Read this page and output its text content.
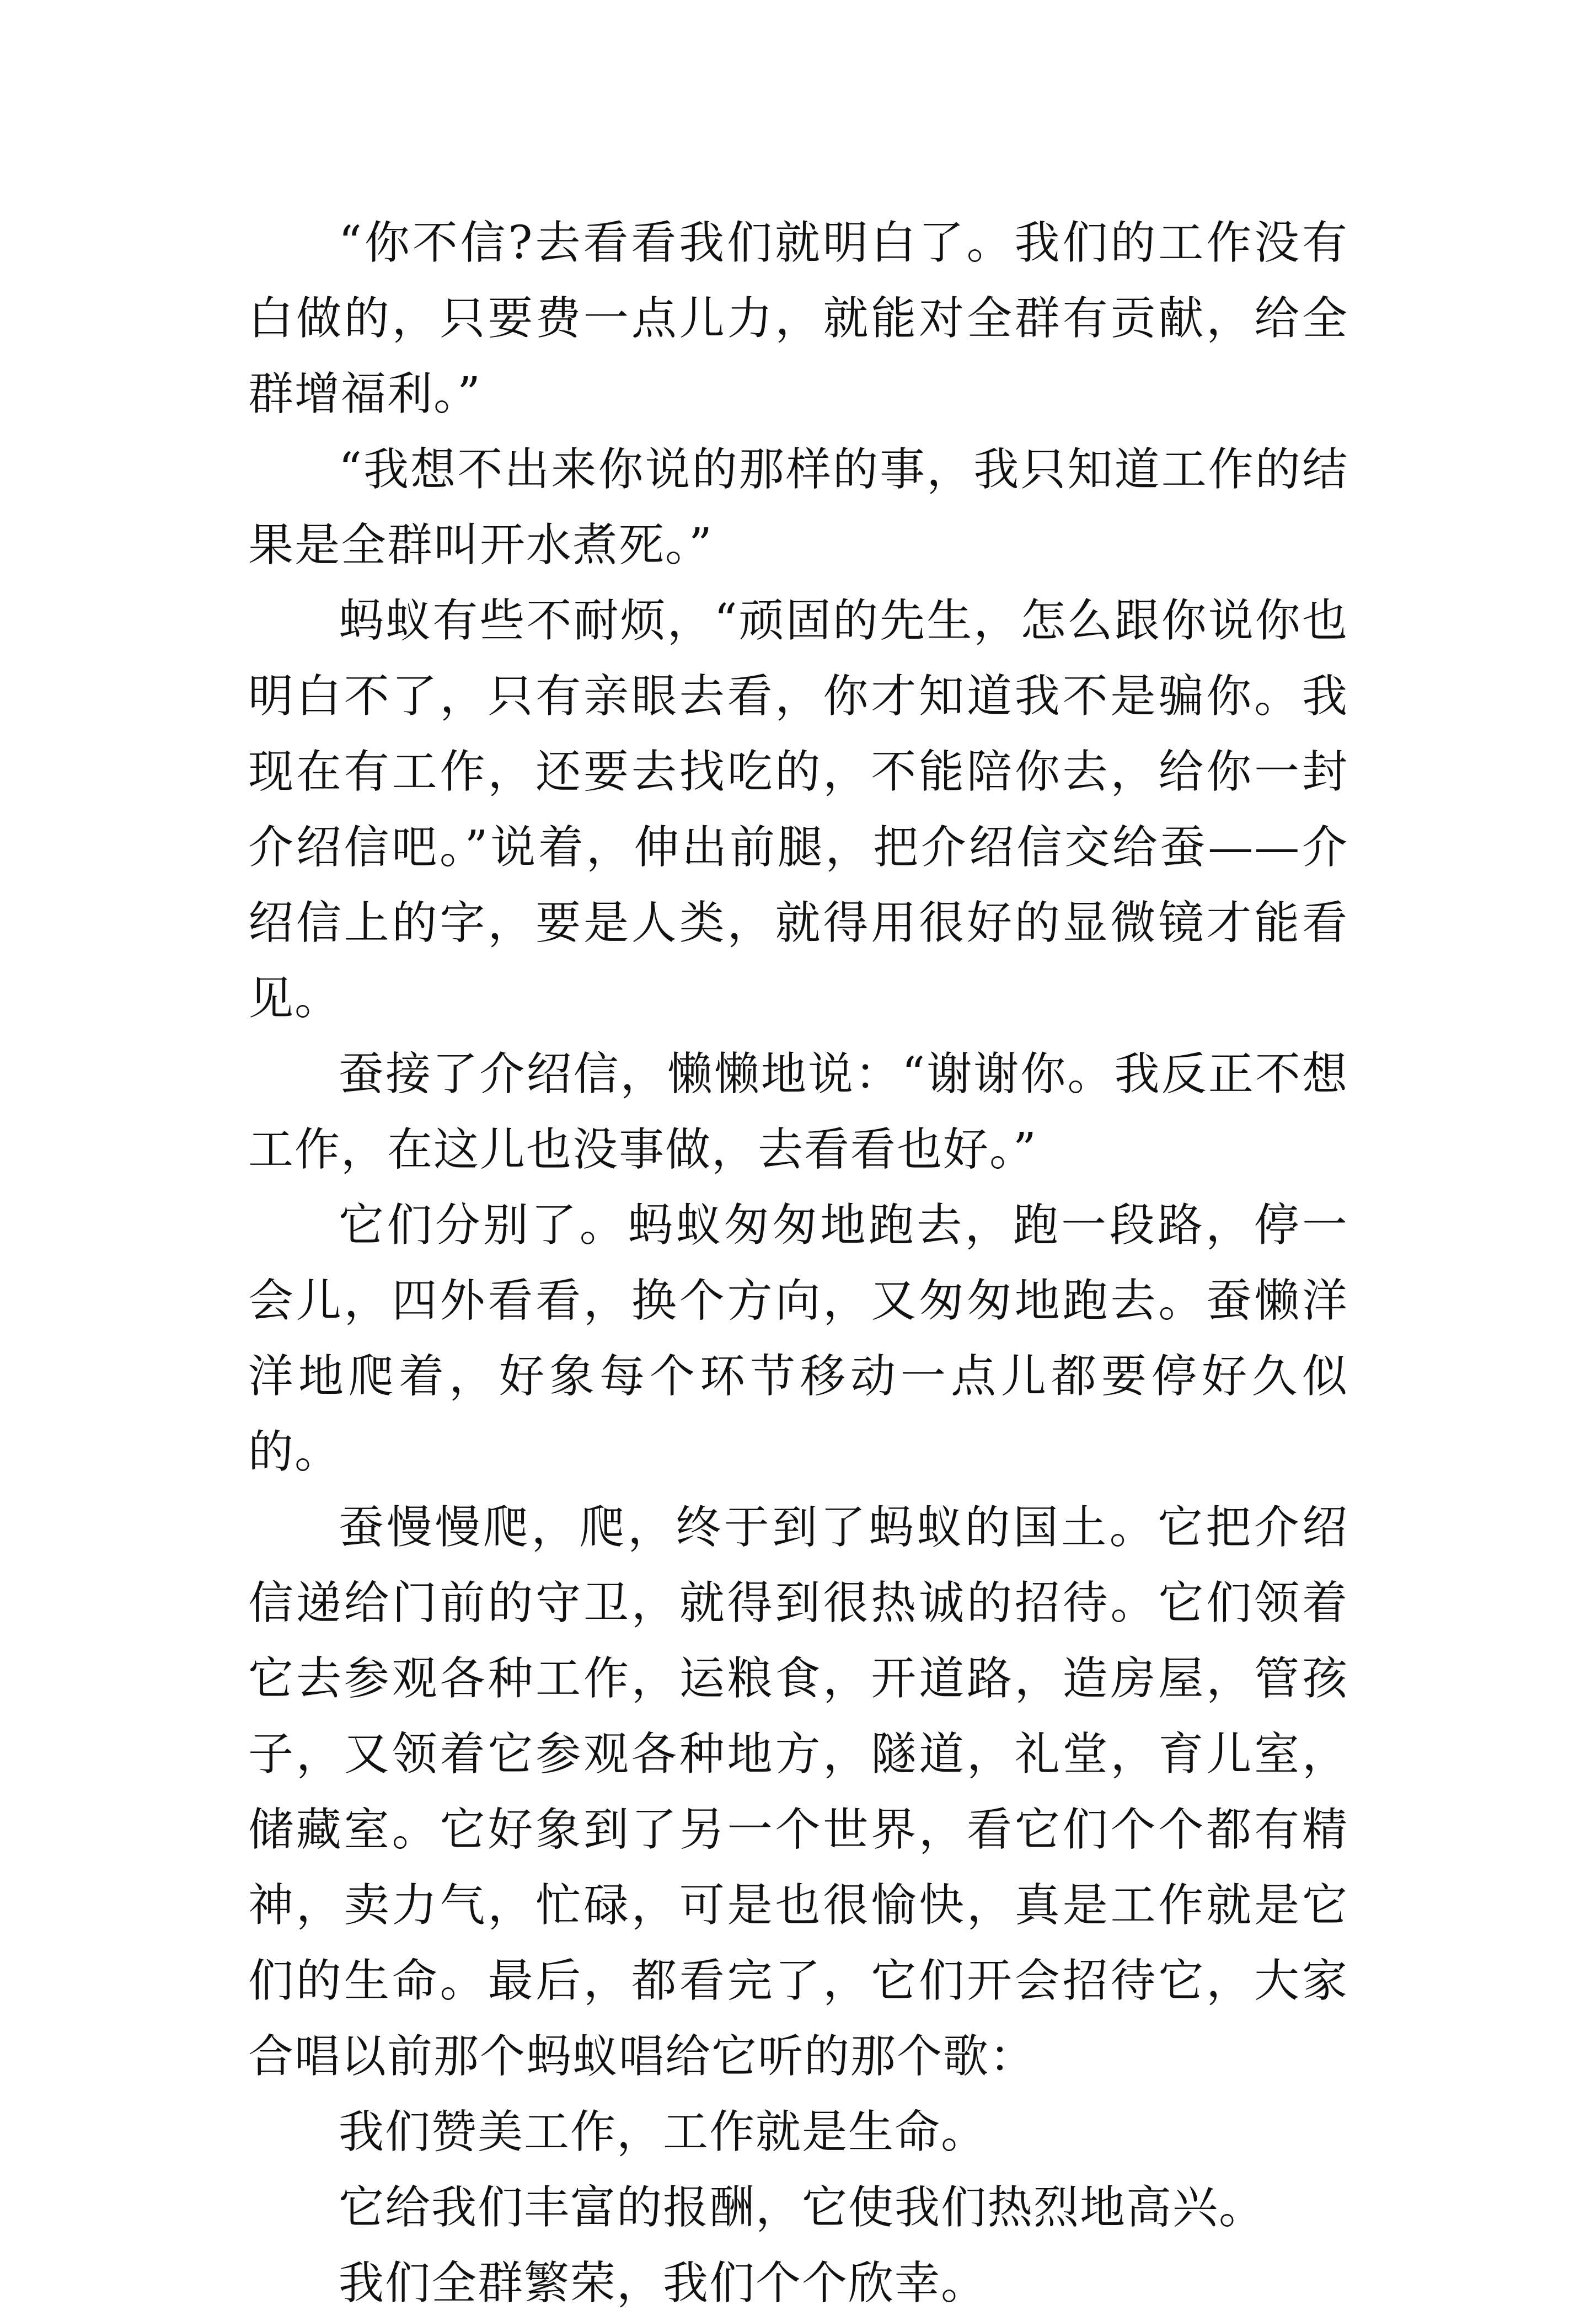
“你不信?去看看我们就明白了。我们的工作没有白做的，只要费一点儿力，就能对全群有贡献，给全群增福利。”

“我想不出来你说的那样的事，我只知道工作的结果是全群叫开水煮死。”

蚂蚁有些不耐烦，“顽固的先生，怎么跟你说你也明白不了，只有亲眼去看，你才知道我不是骗你。我现在有工作，还要去找吃的，不能陪你去，给你一封介绍信吧。”说着，伸出前腿，把介绍信交给蚕——介绍信上的字，要是人类，就得用很好的显微镜才能看见。

蚕接了介绍信，懒懒地说：“谢谢你。我反正不想工作，在这儿也没事做，去看看也好。”

它们分别了。蚂蚁匆匆地跑去，跑一段路，停一会儿，四外看看，换个方向，又匆匆地跑去。蚕懒洋洋地爬着，好象每个环节移动一点儿都要停好久似的。

蚕慢慢爬，爬，终于到了蚂蚁的国土。它把介绍信递给门前的守卫，就得到很热诚的招待。它们领着它去参观各种工作，运粮食，开道路，造房屋，管孩子，又领着它参观各种地方，隧道，礼堂，育儿室，储藏室。它好象到了另一个世界，看它们个个都有精神，卖力气，忙碌，可是也很愉快，真是工作就是它们的生命。最后，都看完了，它们开会招待它，大家合唱以前那个蚂蚁唱给它听的那个歌：

我们赞美工作，工作就是生命。

它给我们丰富的报酬，它使我们热烈地高兴。

我们全群繁荣，我们个个欣幸。
